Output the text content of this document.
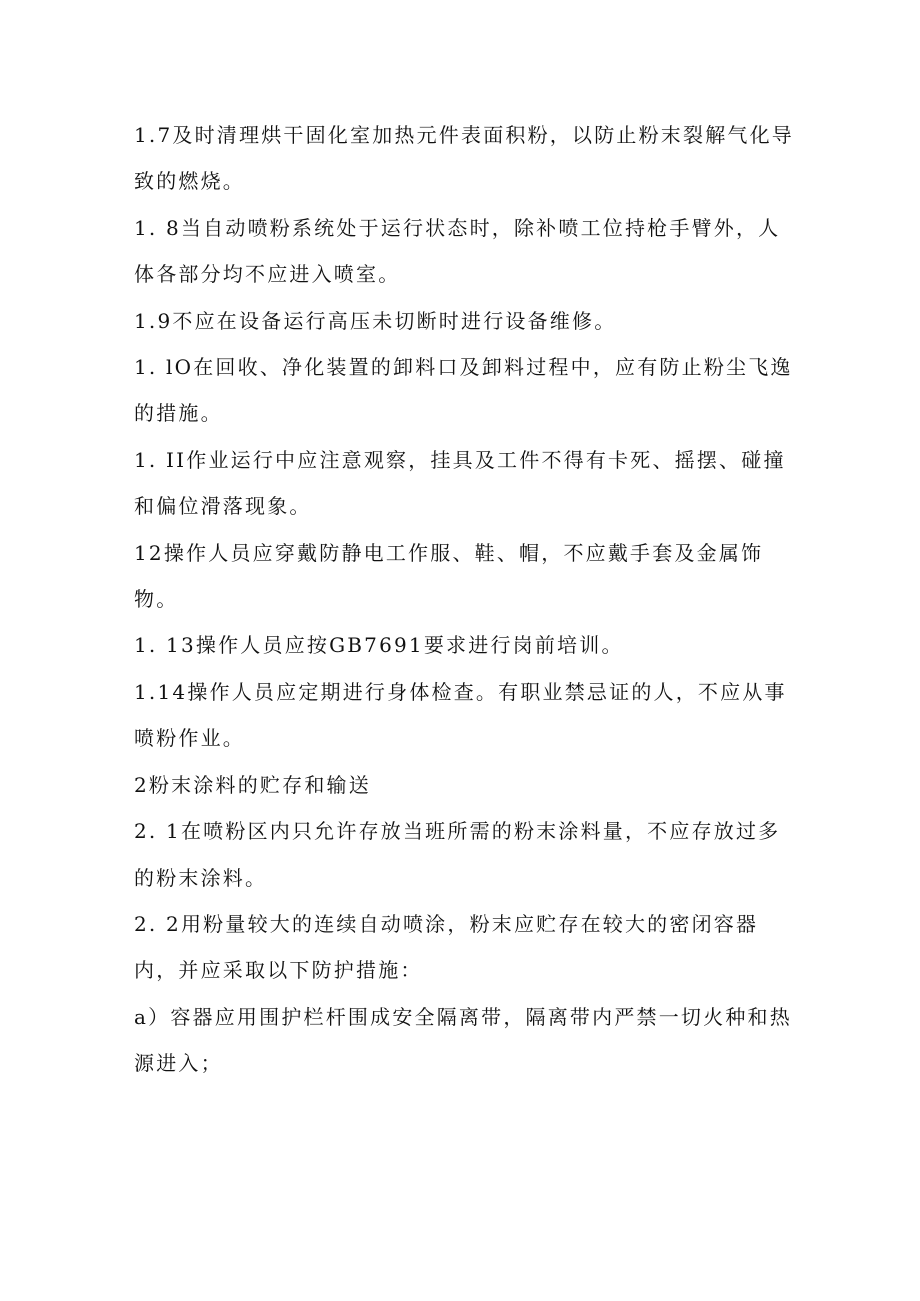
1.7及时清理烘干固化室加热元件表面积粉，以防止粉末裂解气化导致的燃烧。

1. 8当自动喷粉系统处于运行状态时，除补喷工位持枪手臂外，人体各部分均不应进入喷室。

1.9不应在设备运行高压未切断时进行设备维修。

1. lO在回收、净化装置的卸料口及卸料过程中，应有防止粉尘飞逸的措施。

1. II作业运行中应注意观察，挂具及工件不得有卡死、摇摆、碰撞和偏位滑落现象。

12操作人员应穿戴防静电工作服、鞋、帽，不应戴手套及金属饰物。

1. 13操作人员应按GB7691要求进行岗前培训。

1.14操作人员应定期进行身体检查。有职业禁忌证的人，不应从事喷粉作业。

2粉末涂料的贮存和输送

2. 1在喷粉区内只允许存放当班所需的粉末涂料量，不应存放过多的粉末涂料。

2. 2用粉量较大的连续自动喷涂，粉末应贮存在较大的密闭容器内，并应采取以下防护措施：

a）容器应用围护栏杆围成安全隔离带，隔离带内严禁一切火种和热源进入；
